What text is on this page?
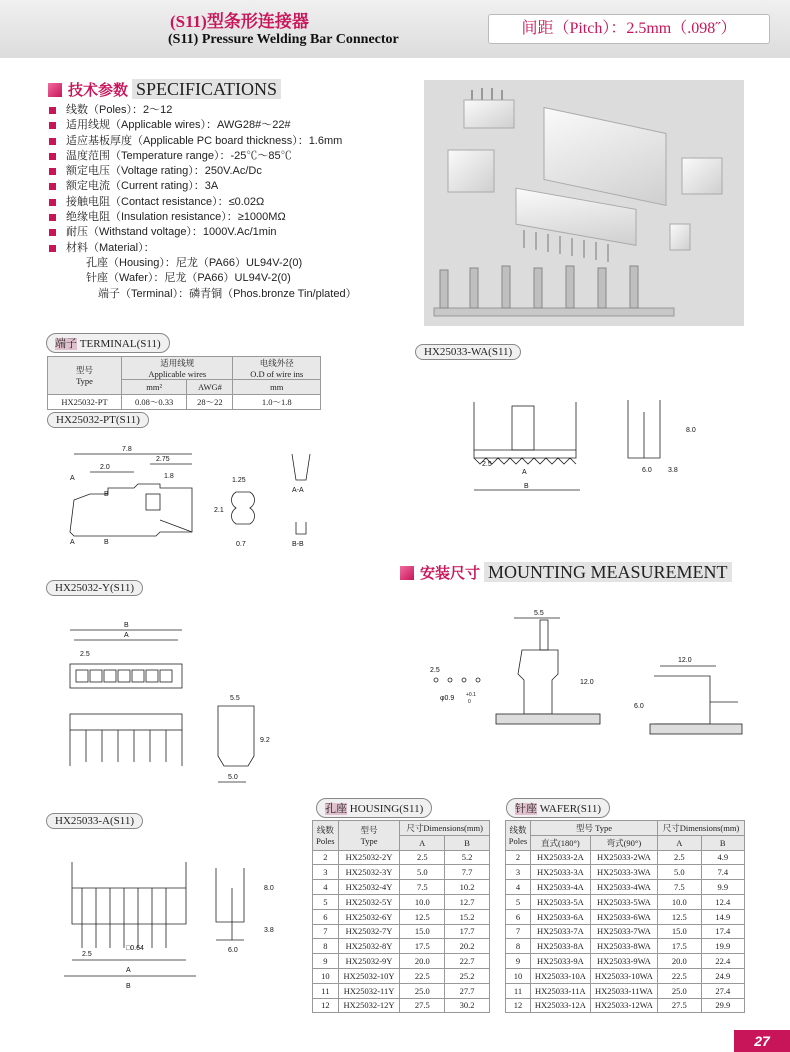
(S11)型条形连接器
(S11) Pressure Welding Bar Connector
间距（Pitch）：2.5mm（.098˝）
技术参数 SPECIFICATIONS
线数（Poles）：2～12
适用线规（Applicable wires）：AWG28#～22#
适应基板厚度（Applicable PC board thickness）：1.6mm
温度范围（Temperature range）：-25℃～85℃
额定电压（Voltage rating）：250V.Ac/Dc
额定电流（Current rating）：3A
接触电阻（Contact resistance）：≤0.02Ω
绝缘电阻（Insulation resistance）：≥1000MΩ
耐压（Withstand voltage）：1000V.Ac/1min
材料（Material）：
孔座（Housing）：尼龙（PA66）UL94V-2(0)
针座（Wafer）：尼龙（PA66）UL94V-2(0)
端子（Terminal）：磷青铜（Phos.bronze Tin/plated）
端子 TERMINAL(S11)
型号
Type	适用线规
Applicable wires		电线外径
O.D of wire ins
	mm²	AWG#	mm
HX25032-PT	0.08～0.33	28～22	1.0～1.8
HX25032-PT(S11)
7.8
2.75
2.0
1.8
1.25
2.1
0.7
A
A
B
B
A-A
B-B
HX25033-WA(S11)
2.5
A
B
8.0
6.0 3.8
安装尺寸 MOUNTING MEASUREMENT
5.5
2.5
12.0
φ0.9 +0.1
0
12.0
6.0
HX25032-Y(S11)
B
A
2.5
5.5
9.2
5.0
HX25033-A(S11)
8.0
3.8
2.5
□0.64	6.0
A
B
孔座 HOUSING(S11)
线数
Poles	型号
Type	尺寸Dimensions(mm)	
		A	B
2	HX25032-2Y	2.5	5.2
3	HX25032-3Y	5.0	7.7
4	HX25032-4Y	7.5	10.2
5	HX25032-5Y	10.0	12.7
6	HX25032-6Y	12.5	15.2
7	HX25032-7Y	15.0	17.7
8	HX25032-8Y	17.5	20.2
9	HX25032-9Y	20.0	22.7
10	HX25032-10Y	22.5	25.2
11	HX25032-11Y	25.0	27.7
12	HX25032-12Y	27.5	30.2
针座 WAFER(S11)
线数
Poles	型号 Type		尺寸Dimensions(mm)	
	直式(180°)	弯式(90°)	A	B
2	HX25033-2A	HX25033-2WA	2.5	4.9
3	HX25033-3A	HX25033-3WA	5.0	7.4
4	HX25033-4A	HX25033-4WA	7.5	9.9
5	HX25033-5A	HX25033-5WA	10.0	12.4
6	HX25033-6A	HX25033-6WA	12.5	14.9
7	HX25033-7A	HX25033-7WA	15.0	17.4
8	HX25033-8A	HX25033-8WA	17.5	19.9
9	HX25033-9A	HX25033-9WA	20.0	22.4
10	HX25033-10A	HX25033-10WA	22.5	24.9
11	HX25033-11A	HX25033-11WA	25.0	27.4
12	HX25033-12A	HX25033-12WA	27.5	29.9
27
